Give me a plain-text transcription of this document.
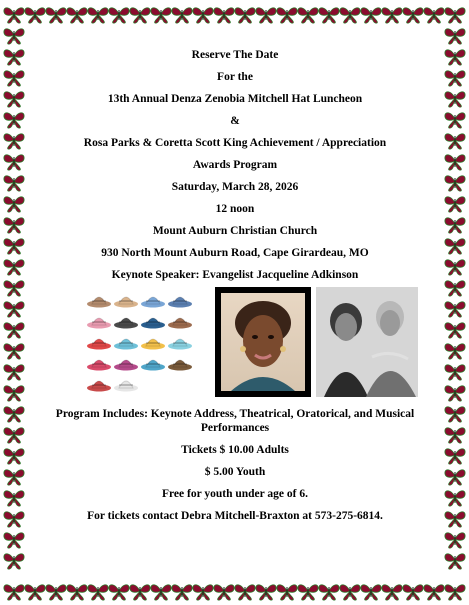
Reserve The Date

For the

13th Annual Denza Zenobia Mitchell Hat Luncheon

&

Rosa Parks & Coretta Scott King Achievement / Appreciation

Awards Program

Saturday, March 28, 2026

12 noon

Mount Auburn Christian Church

930 North Mount Auburn Road, Cape Girardeau, MO

Keynote Speaker: Evangelist Jacqueline Adkinson

Program Includes: Keynote Address, Theatrical, Oratorical, and Musical Performances

Tickets $ 10.00 Adults

$ 5.00 Youth

Free for youth under age of 6.

For tickets contact Debra Mitchell-Braxton at 573-275-6814.
